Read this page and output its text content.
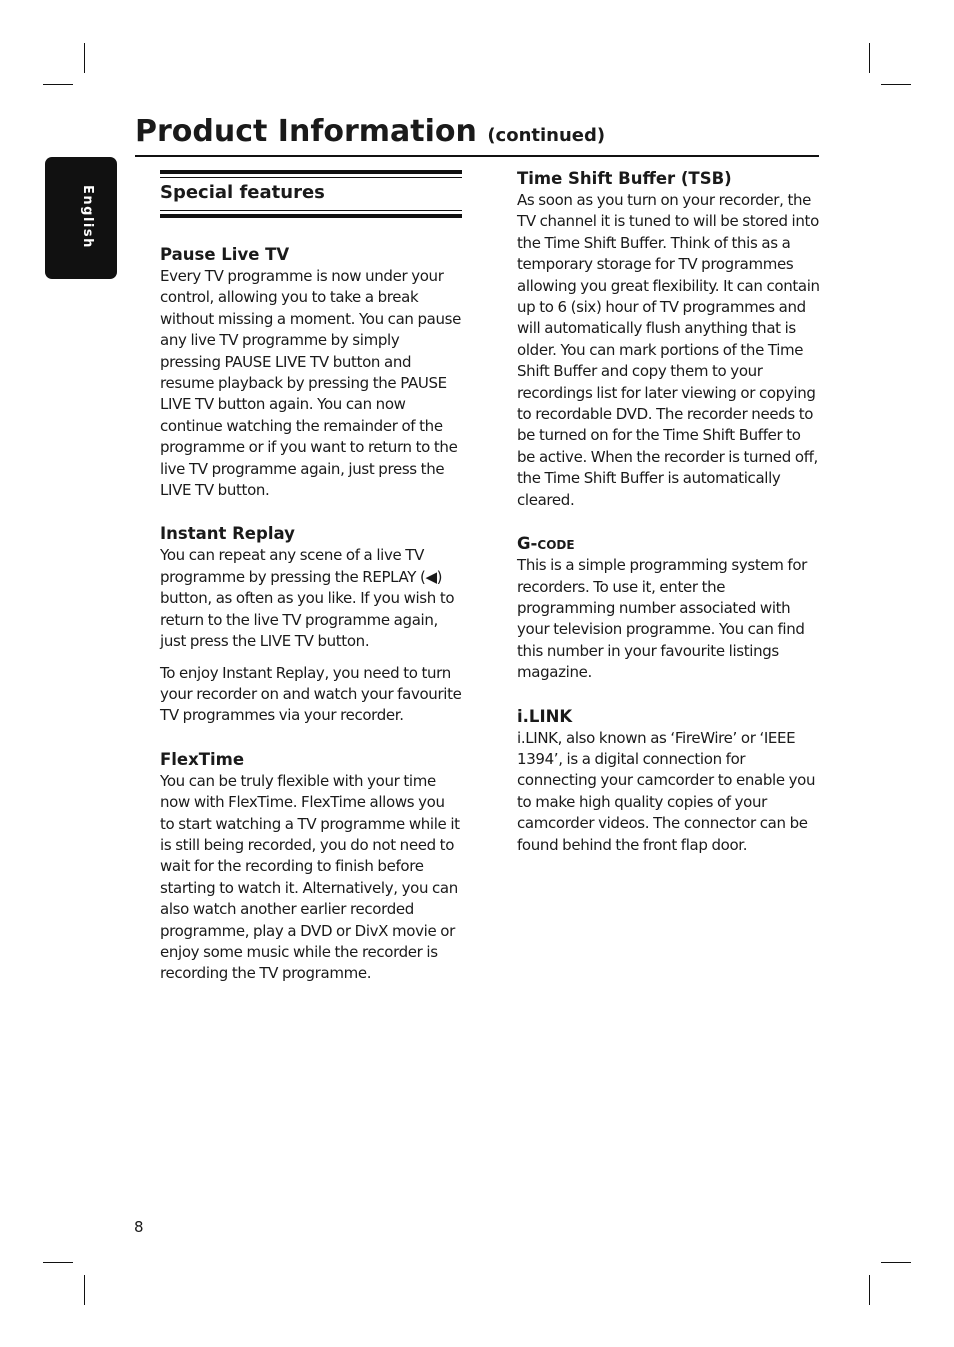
English
Product Information (continued)
Special features
Pause Live TV

Every TV programme is now under your control, allowing you to take a break without missing a moment. You can pause any live TV programme by simply pressing PAUSE LIVE TV button and resume playback by pressing the PAUSE LIVE TV button again. You can now continue watching the remainder of the programme or if you want to return to the live TV programme again, just press the LIVE TV button.

Instant Replay

You can repeat any scene of a live TV programme by pressing the REPLAY (◀) button, as often as you like. If you wish to return to the live TV programme again, just press the LIVE TV button.

To enjoy Instant Replay, you need to turn your recorder on and watch your favourite TV programmes via your recorder.

FlexTime

You can be truly flexible with your time now with FlexTime. FlexTime allows you to start watching a TV programme while it is still being recorded, you do not need to wait for the recording to finish before starting to watch it. Alternatively, you can also watch another earlier recorded programme, play a DVD or DivX movie or enjoy some music while the recorder is recording the TV programme.

Time Shift Buffer (TSB)

As soon as you turn on your recorder, the TV channel it is tuned to will be stored into the Time Shift Buffer. Think of this as a temporary storage for TV programmes allowing you great flexibility. It can contain up to 6 (six) hour of TV programmes and will automatically flush anything that is older. You can mark portions of the Time Shift Buffer and copy them to your recordings list for later viewing or copying to recordable DVD. The recorder needs to be turned on for the Time Shift Buffer to be active. When the recorder is turned off, the Time Shift Buffer is automatically cleared.

G-code

This is a simple programming system for recorders. To use it, enter the programming number associated with your television programme. You can find this number in your favourite listings magazine.

i.LINK

i.LINK, also known as ‘FireWire’ or ‘IEEE 1394’, is a digital connection for connecting your camcorder to enable you to make high quality copies of your camcorder videos. The connector can be found behind the front flap door.

8
